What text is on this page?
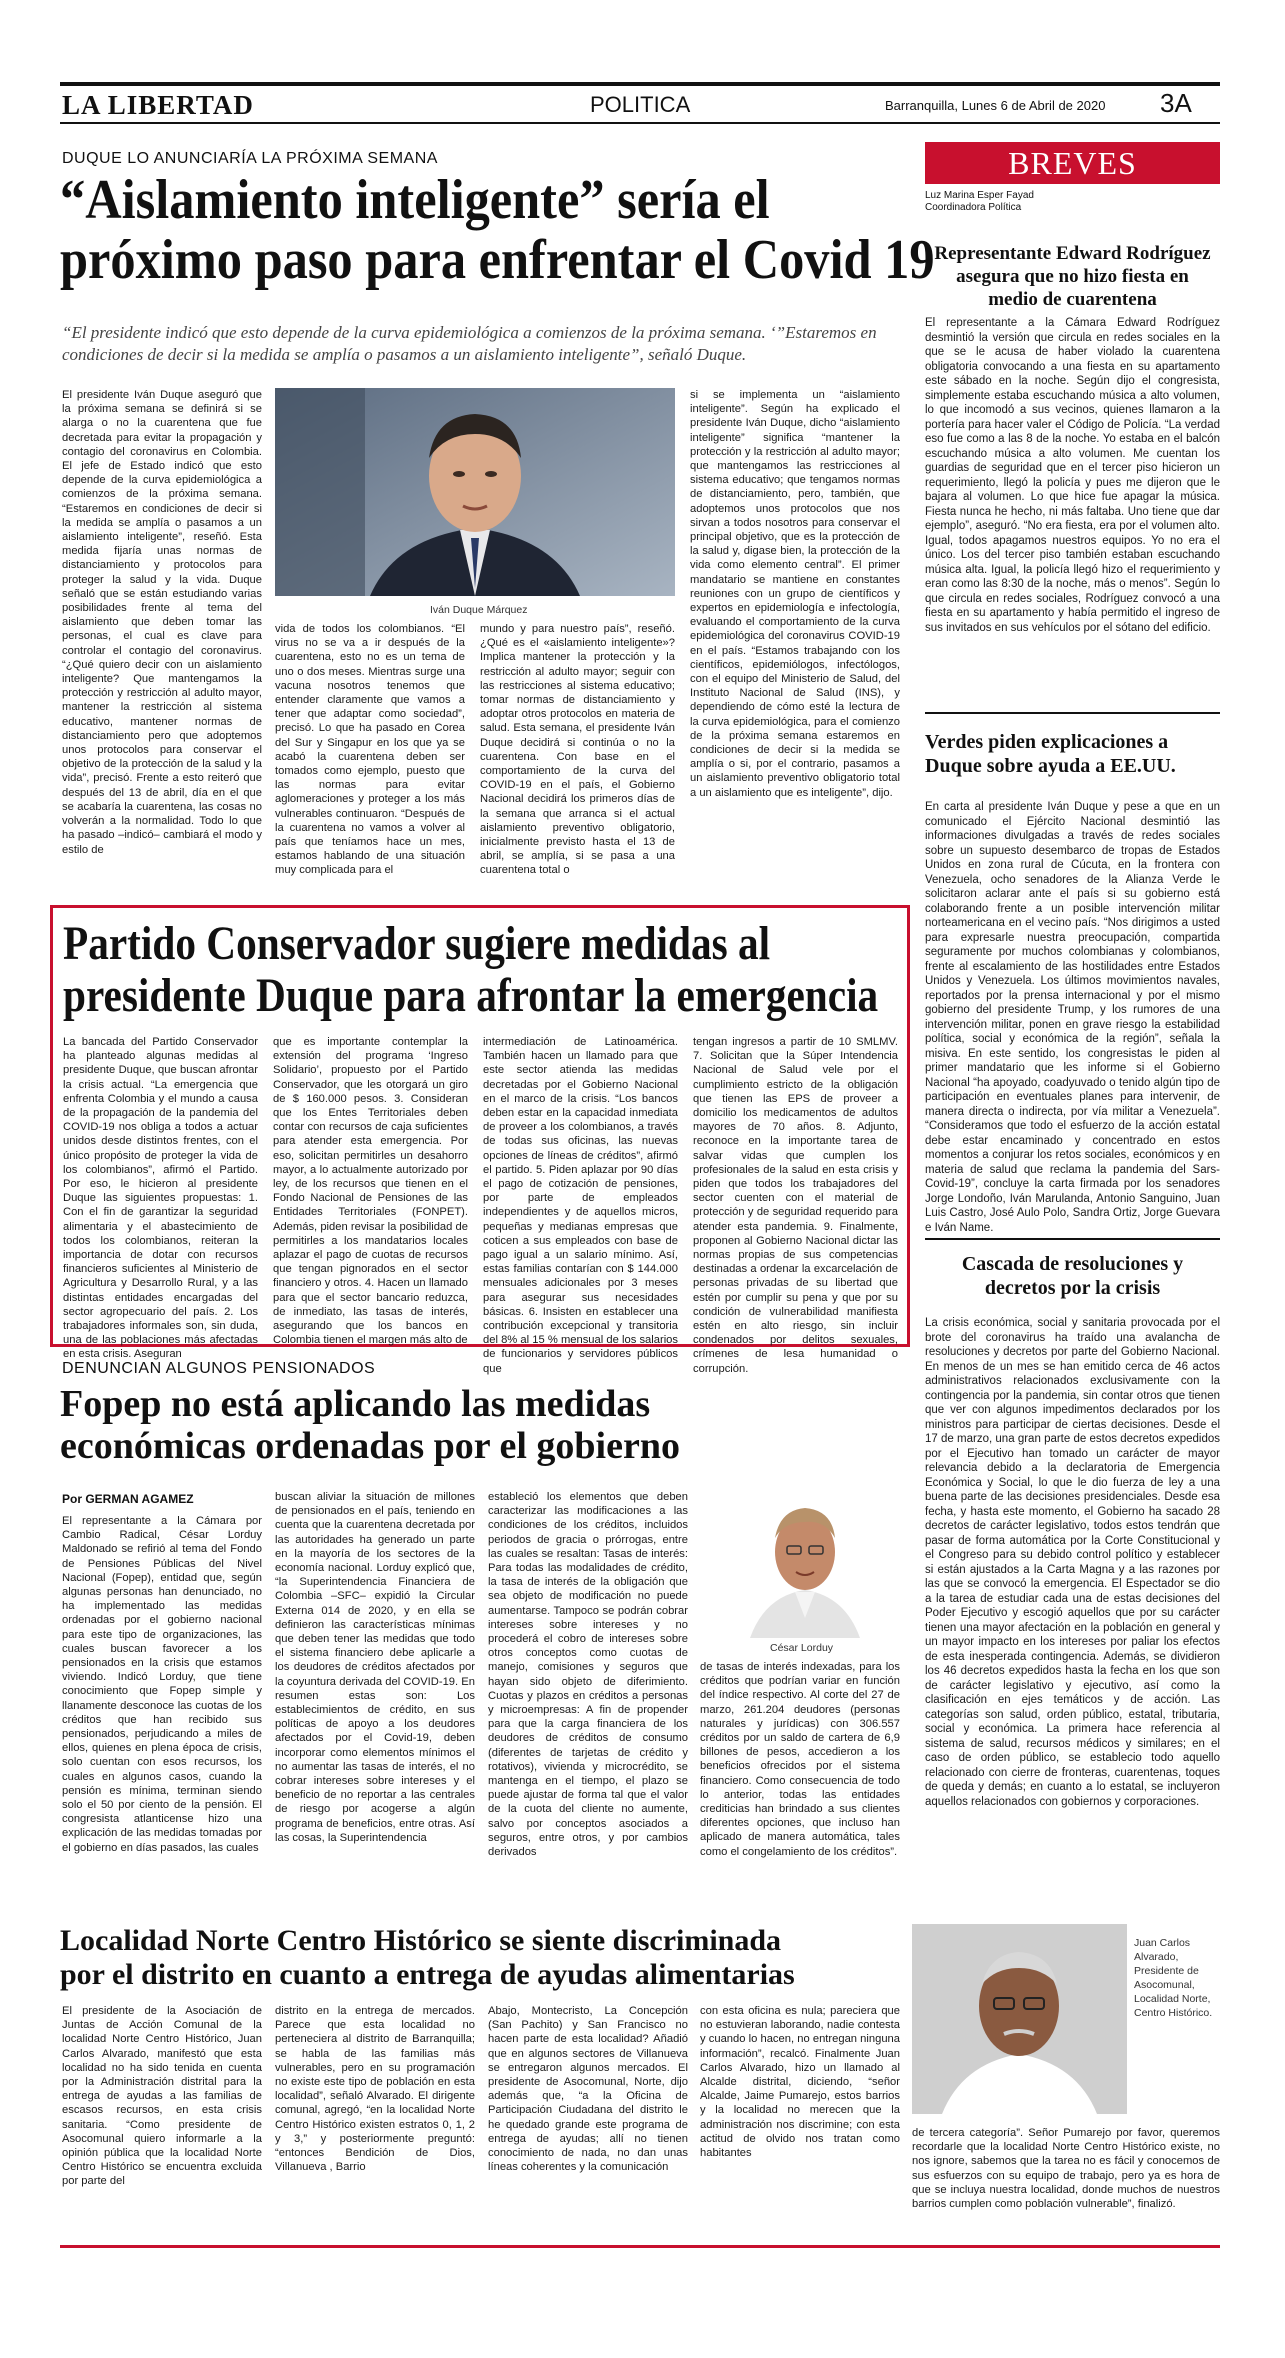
LA LIBERTAD	POLITICA	Barranquilla, Lunes 6 de Abril de 2020 3A
DUQUE LO ANUNCIARÍA LA PRÓXIMA SEMANA
“Aislamiento inteligente” sería el
próximo paso para enfrentar el Covid 19
“El presidente indicó que esto depende de la curva epidemiológica a comienzos de la próxima semana. ‘”Estaremos en condiciones de decir si la medida se amplía o pasamos a un aislamiento inteligente”, señaló Duque.
El presidente Iván Duque aseguró que la próxima semana se definirá si se alarga o no la cuarentena que fue decretada para evitar la propagación y contagio del coronavirus en Colombia. El jefe de Estado indicó que esto depende de la curva epidemiológica a comienzos de la próxima semana. “Estaremos en condiciones de decir si la medida se amplía o pasamos a un aislamiento inteligente”, reseñó. Esta medida fijaría unas normas de distanciamiento y protocolos para proteger la salud y la vida. Duque señaló que se están estudiando varias posibilidades frente al tema del aislamiento que deben tomar las personas, el cual es clave para controlar el contagio del coronavirus. “¿Qué quiero decir con un aislamiento inteligente? Que mantengamos la protección y restricción al adulto mayor, mantener la restricción al sistema educativo, mantener normas de distanciamiento pero que adoptemos unos protocolos para conservar el objetivo de la protección de la salud y la vida”, precisó. Frente a esto reiteró que después del 13 de abril, día en el que se acabaría la cuarentena, las cosas no volverán a la normalidad. Todo lo que ha pasado –indicó– cambiará el modo y estilo de
Iván Duque Márquez
vida de todos los colombianos. “El virus no se va a ir después de la cuarentena, esto no es un tema de uno o dos meses. Mientras surge una vacuna nosotros tenemos que entender claramente que vamos a tener que adaptar como sociedad”, precisó. Lo que ha pasado en Corea del Sur y Singapur en los que ya se acabó la cuarentena deben ser tomados como ejemplo, puesto que las normas para evitar aglomeraciones y proteger a los más vulnerables continuaron. “Después de la cuarentena no vamos a volver al país que teníamos hace un mes, estamos hablando de una situación muy complicada para el
mundo y para nuestro país”, reseñó. ¿Qué es el «aislamiento inteligente»? Implica mantener la protección y la restricción al adulto mayor; seguir con las restricciones al sistema educativo; tomar normas de distanciamiento y adoptar otros protocolos en materia de salud. Esta semana, el presidente Iván Duque decidirá si continúa o no la cuarentena. Con base en el comportamiento de la curva del COVID-19 en el país, el Gobierno Nacional decidirá los primeros días de la semana que arranca si el actual aislamiento preventivo obligatorio, inicialmente previsto hasta el 13 de abril, se amplía, si se pasa a una cuarentena total o
si se implementa un “aislamiento inteligente”. Según ha explicado el presidente Iván Duque, dicho “aislamiento inteligente” significa “mantener la protección y la restricción al adulto mayor; que mantengamos las restricciones al sistema educativo; que tengamos normas de distanciamiento, pero, también, que adoptemos unos protocolos que nos sirvan a todos nosotros para conservar el principal objetivo, que es la protección de la salud y, digase bien, la protección de la vida como elemento central”. El primer mandatario se mantiene en constantes reuniones con un grupo de científicos y expertos en epidemiología e infectología, evaluando el comportamiento de la curva epidemiológica del coronavirus COVID-19 en el país. “Estamos trabajando con los científicos, epidemiólogos, infectólogos, con el equipo del Ministerio de Salud, del Instituto Nacional de Salud (INS), y dependiendo de cómo esté la lectura de la curva epidemiológica, para el comienzo de la próxima semana estaremos en condiciones de decir si la medida se amplía o si, por el contrario, pasamos a un aislamiento preventivo obligatorio total a un aislamiento que es inteligente”, dijo.
Partido Conservador sugiere medidas al
presidente Duque para afrontar la emergencia
La bancada del Partido Conservador ha planteado algunas medidas al presidente Duque, que buscan afrontar la crisis actual. “La emergencia que enfrenta Colombia y el mundo a causa de la propagación de la pandemia del COVID-19 nos obliga a todos a actuar unidos desde distintos frentes, con el único propósito de proteger la vida de los colombianos”, afirmó el Partido. Por eso, le hicieron al presidente Duque las siguientes propuestas: 1. Con el fin de garantizar la seguridad alimentaria y el abastecimiento de todos los colombianos, reiteran la importancia de dotar con recursos financieros suficientes al Ministerio de Agricultura y Desarrollo Rural, y a las distintas entidades encargadas del sector agropecuario del país. 2. Los trabajadores informales son, sin duda, una de las poblaciones más afectadas en esta crisis. Aseguran
que es importante contemplar la extensión del programa ‘Ingreso Solidario’, propuesto por el Partido Conservador, que les otorgará un giro de $ 160.000 pesos. 3. Consideran que los Entes Territoriales deben contar con recursos de caja suficientes para atender esta emergencia. Por eso, solicitan permitirles un desahorro mayor, a lo actualmente autorizado por ley, de los recursos que tienen en el Fondo Nacional de Pensiones de las Entidades Territoriales (FONPET). Además, piden revisar la posibilidad de permitirles a los mandatarios locales aplazar el pago de cuotas de recursos que tengan pignorados en el sector financiero y otros. 4. Hacen un llamado para que el sector bancario reduzca, de inmediato, las tasas de interés, asegurando que los bancos en Colombia tienen el margen más alto de
intermediación de Latinoamérica. También hacen un llamado para que este sector atienda las medidas decretadas por el Gobierno Nacional en el marco de la crisis. “Los bancos deben estar en la capacidad inmediata de proveer a los colombianos, a través de todas sus oficinas, las nuevas opciones de líneas de créditos”, afirmó el partido. 5. Piden aplazar por 90 días el pago de cotización de pensiones, por parte de empleados independientes y de aquellos micros, pequeñas y medianas empresas que coticen a sus empleados con base de pago igual a un salario mínimo. Así, estas familias contarían con $ 144.000 mensuales adicionales por 3 meses para asegurar sus necesidades básicas. 6. Insisten en establecer una contribución excepcional y transitoria del 8% al 15 % mensual de los salarios de funcionarios y servidores públicos que
tengan ingresos a partir de 10 SMLMV. 7. Solicitan que la Súper Intendencia Nacional de Salud vele por el cumplimiento estricto de la obligación que tienen las EPS de proveer a domicilio los medicamentos de adultos mayores de 70 años. 8. Adjunto, reconoce en la importante tarea de salvar vidas que cumplen los profesionales de la salud en esta crisis y piden que todos los trabajadores del sector cuenten con el material de protección y de seguridad requerido para atender esta pandemia. 9. Finalmente, proponen al Gobierno Nacional dictar las normas propias de sus competencias destinadas a ordenar la excarcelación de personas privadas de su libertad que estén por cumplir su pena y que por su condición de vulnerabilidad manifiesta estén en alto riesgo, sin incluir condenados por delitos sexuales, crímenes de lesa humanidad o corrupción.
DENUNCIAN ALGUNOS PENSIONADOS
Fopep no está aplicando las medidas
económicas ordenadas por el gobierno
Por GERMAN AGAMEZ
El representante a la Cámara por Cambio Radical, César Lorduy Maldonado se refirió al tema del Fondo de Pensiones Públicas del Nivel Nacional (Fopep), entidad que, según algunas personas han denunciado, no ha implementado las medidas ordenadas por el gobierno nacional para este tipo de organizaciones, las cuales buscan favorecer a los pensionados en la crisis que estamos viviendo. Indicó Lorduy, que tiene conocimiento que Fopep simple y llanamente desconoce las cuotas de los créditos que han recibido sus pensionados, perjudicando a miles de ellos, quienes en plena época de crisis, solo cuentan con esos recursos, los cuales en algunos casos, cuando la pensión es mínima, terminan siendo solo el 50 por ciento de la pensión. El congresista atlanticense hizo una explicación de las medidas tomadas por el gobierno en días pasados, las cuales
buscan aliviar la situación de millones de pensionados en el país, teniendo en cuenta que la cuarentena decretada por las autoridades ha generado un parte en la mayoría de los sectores de la economía nacional. Lorduy explicó que, “la Superintendencia Financiera de Colombia –SFC– expidió la Circular Externa 014 de 2020, y en ella se definieron las características mínimas que deben tener las medidas que todo el sistema financiero debe aplicarle a los deudores de créditos afectados por la coyuntura derivada del COVID-19. En resumen estas son: Los establecimientos de crédito, en sus políticas de apoyo a los deudores afectados por el Covid-19, deben incorporar como elementos mínimos el no aumentar las tasas de interés, el no cobrar intereses sobre intereses y el beneficio de no reportar a las centrales de riesgo por acogerse a algún programa de beneficios, entre otras. Así las cosas, la Superintendencia
estableció los elementos que deben caracterizar las modificaciones a las condiciones de los créditos, incluidos periodos de gracia o prórrogas, entre las cuales se resaltan: Tasas de interés: Para todas las modalidades de crédito, la tasa de interés de la obligación que sea objeto de modificación no puede aumentarse. Tampoco se podrán cobrar intereses sobre intereses y no procederá el cobro de intereses sobre otros conceptos como cuotas de manejo, comisiones y seguros que hayan sido objeto de diferimiento. Cuotas y plazos en créditos a personas y microempresas: A fin de propender para que la carga financiera de los deudores de créditos de consumo (diferentes de tarjetas de crédito y rotativos), vivienda y microcrédito, se mantenga en el tiempo, el plazo se puede ajustar de forma tal que el valor de la cuota del cliente no aumente, salvo por conceptos asociados a seguros, entre otros, y por cambios derivados
César Lorduy
de tasas de interés indexadas, para los créditos que podrían variar en función del índice respectivo. Al corte del 27 de marzo, 261.204 deudores (personas naturales y jurídicas) con 306.557 créditos por un saldo de cartera de 6,9 billones de pesos, accedieron a los beneficios ofrecidos por el sistema financiero. Como consecuencia de todo lo anterior, todas las entidades crediticias han brindado a sus clientes diferentes opciones, que incluso han aplicado de manera automática, tales como el congelamiento de los créditos”.
Localidad Norte Centro Histórico se siente discriminada
por el distrito en cuanto a entrega de ayudas alimentarias
El presidente de la Asociación de Juntas de Acción Comunal de la localidad Norte Centro Histórico, Juan Carlos Alvarado, manifestó que esta localidad no ha sido tenida en cuenta por la Administración distrital para la entrega de ayudas a las familias de escasos recursos, en esta crisis sanitaria. “Como presidente de Asocomunal quiero informarle a la opinión pública que la localidad Norte Centro Histórico se encuentra excluida por parte del
distrito en la entrega de mercados. Parece que esta localidad no perteneciera al distrito de Barranquilla; se habla de las familias más vulnerables, pero en su programación no existe este tipo de población en esta localidad”, señaló Alvarado. El dirigente comunal, agregó, “en la localidad Norte Centro Histórico existen estratos 0, 1, 2 y 3,” y posteriormente preguntó: “entonces Bendición de Dios, Villanueva , Barrio
Abajo, Montecristo, La Concepción (San Pachito) y San Francisco no hacen parte de esta localidad? Añadió que en algunos sectores de Villanueva se entregaron algunos mercados. El presidente de Asocomunal, Norte, dijo además que, “a la Oficina de Participación Ciudadana del distrito le he quedado grande este programa de entrega de ayudas; allí no tienen conocimiento de nada, no dan unas líneas coherentes y la comunicación
con esta oficina es nula; pareciera que no estuvieran laborando, nadie contesta y cuando lo hacen, no entregan ninguna información”, recalcó. Finalmente Juan Carlos Alvarado, hizo un llamado al Alcalde distrital, diciendo, “señor Alcalde, Jaime Pumarejo, estos barrios y la localidad no merecen que la administración nos discrimine; con esta actitud de olvido nos tratan como habitantes
Juan Carlos Alvarado, Presidente de Asocomunal, Localidad Norte, Centro Histórico.
de tercera categoría”. Señor Pumarejo por favor, queremos recordarle que la localidad Norte Centro Histórico existe, no nos ignore, sabemos que la tarea no es fácil y conocemos de sus esfuerzos con su equipo de trabajo, pero ya es hora de que se incluya nuestra localidad, donde muchos de nuestros barrios cumplen como población vulnerable”, finalizó.
BREVES
Luz Marina Esper Fayad
Coordinadora Política
Representante Edward Rodríguez asegura que no hizo fiesta en medio de cuarentena
El representante a la Cámara Edward Rodríguez desmintió la versión que circula en redes sociales en la que se le acusa de haber violado la cuarentena obligatoria convocando a una fiesta en su apartamento este sábado en la noche. Según dijo el congresista, simplemente estaba escuchando música a alto volumen, lo que incomodó a sus vecinos, quienes llamaron a la portería para hacer valer el Código de Policía. “La verdad eso fue como a las 8 de la noche. Yo estaba en el balcón escuchando música a alto volumen. Me cuentan los guardias de seguridad que en el tercer piso hicieron un requerimiento, llegó la policía y pues me dijeron que le bajara al volumen. Lo que hice fue apagar la música. Fiesta nunca he hecho, ni más faltaba. Uno tiene que dar ejemplo”, aseguró. “No era fiesta, era por el volumen alto. Igual, todos apagamos nuestros equipos. Yo no era el único. Los del tercer piso también estaban escuchando música alta. Igual, la policía llegó hizo el requerimiento y eran como las 8:30 de la noche, más o menos”. Según lo que circula en redes sociales, Rodríguez convocó a una fiesta en su apartamento y había permitido el ingreso de sus invitados en sus vehículos por el sótano del edificio.
Verdes piden explicaciones a Duque sobre ayuda a EE.UU.
En carta al presidente Iván Duque y pese a que en un comunicado el Ejército Nacional desmintió las informaciones divulgadas a través de redes sociales sobre un supuesto desembarco de tropas de Estados Unidos en zona rural de Cúcuta, en la frontera con Venezuela, ocho senadores de la Alianza Verde le solicitaron aclarar ante el país si su gobierno está colaborando frente a un posible intervención militar norteamericana en el vecino país. “Nos dirigimos a usted para expresarle nuestra preocupación, compartida seguramente por muchos colombianas y colombianos, frente al escalamiento de las hostilidades entre Estados Unidos y Venezuela. Los últimos movimientos navales, reportados por la prensa internacional y por el mismo gobierno del presidente Trump, y los rumores de una intervención militar, ponen en grave riesgo la estabilidad política, social y económica de la región”, señala la misiva. En este sentido, los congresistas le piden al primer mandatario que les informe si el Gobierno Nacional “ha apoyado, coadyuvado o tenido algún tipo de participación en eventuales planes para intervenir, de manera directa o indirecta, por vía militar a Venezuela”. “Consideramos que todo el esfuerzo de la acción estatal debe estar encaminado y concentrado en estos momentos a conjurar los retos sociales, económicos y en materia de salud que reclama la pandemia del Sars-Covid-19”, concluye la carta firmada por los senadores Jorge Londoño, Iván Marulanda, Antonio Sanguino, Juan Luis Castro, José Aulo Polo, Sandra Ortiz, Jorge Guevara e Iván Name.
Cascada de resoluciones y decretos por la crisis
La crisis económica, social y sanitaria provocada por el brote del coronavirus ha traído una avalancha de resoluciones y decretos por parte del Gobierno Nacional. En menos de un mes se han emitido cerca de 46 actos administrativos relacionados exclusivamente con la contingencia por la pandemia, sin contar otros que tienen que ver con algunos impedimentos declarados por los ministros para participar de ciertas decisiones. Desde el 17 de marzo, una gran parte de estos decretos expedidos por el Ejecutivo han tomado un carácter de mayor relevancia debido a la declaratoria de Emergencia Económica y Social, lo que le dio fuerza de ley a una buena parte de las decisiones presidenciales. Desde esa fecha, y hasta este momento, el Gobierno ha sacado 28 decretos de carácter legislativo, todos estos tendrán que pasar de forma automática por la Corte Constitucional y el Congreso para su debido control político y establecer si están ajustados a la Carta Magna y a las razones por las que se convocó la emergencia. El Espectador se dio a la tarea de estudiar cada una de estas decisiones del Poder Ejecutivo y escogió aquellos que por su carácter tienen una mayor afectación en la población en general y un mayor impacto en los intereses por paliar los efectos de esta inesperada contingencia. Además, se dividieron los 46 decretos expedidos hasta la fecha en los que son de carácter legislativo y ejecutivo, así como la clasificación en ejes temáticos y de acción. Las categorías son salud, orden público, estatal, tributaria, social y económica. La primera hace referencia al sistema de salud, recursos médicos y similares; en el caso de orden público, se establecio todo aquello relacionado con cierre de fronteras, cuarentenas, toques de queda y demás; en cuanto a lo estatal, se incluyeron aquellos relacionados con gobiernos y corporaciones.
